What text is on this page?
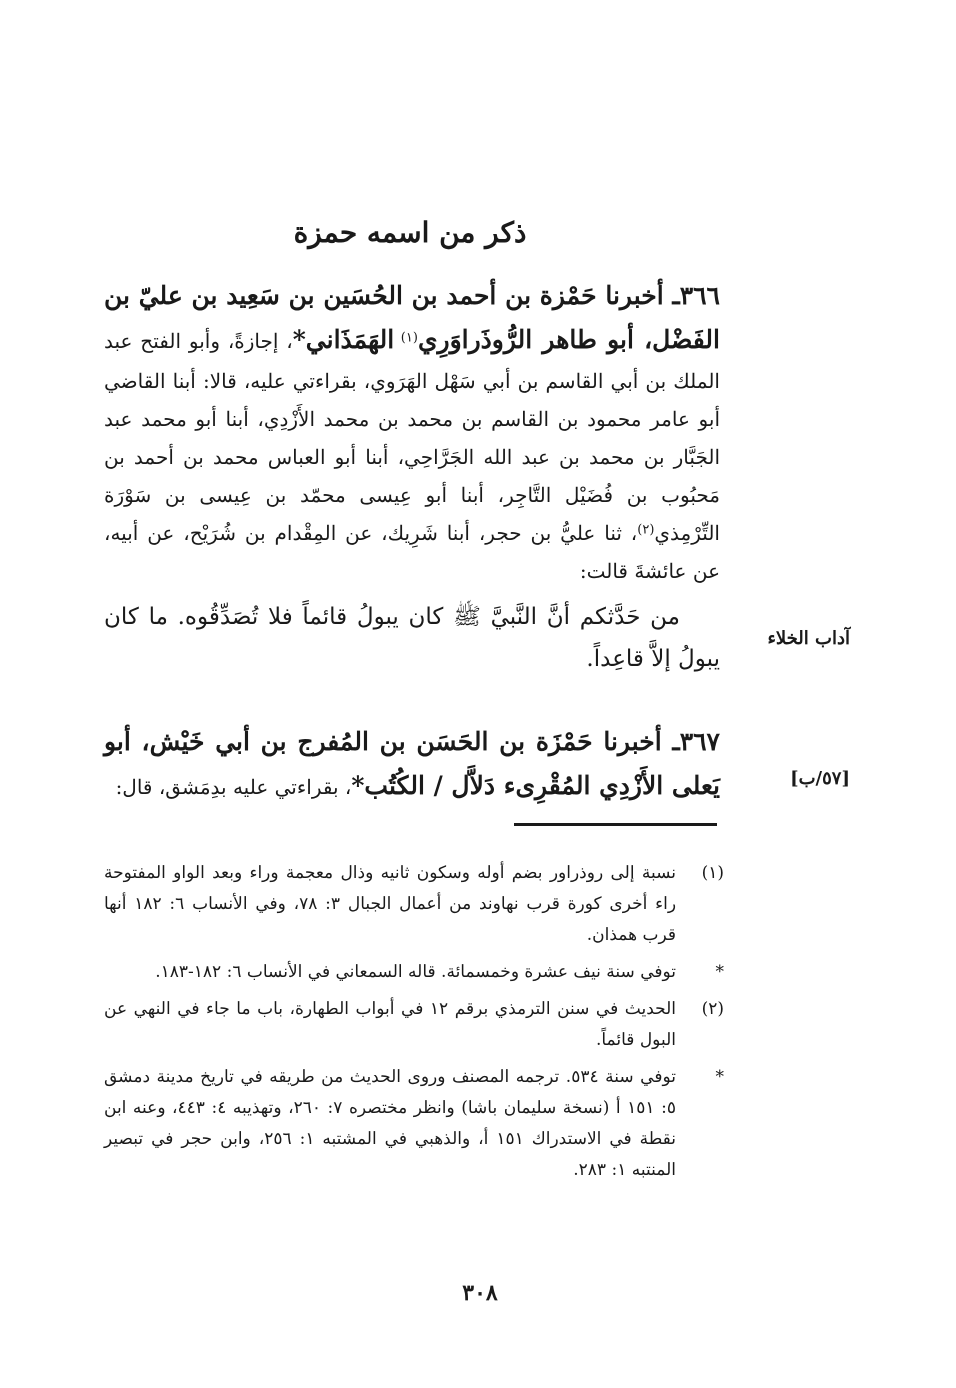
ذكر من اسمه حمزة

٣٦٦ـ أخبرنا حَمْزة بن أحمد بن الحُسَين بن سَعِيد بن عليّ بن الفَضْل، أبو طاهر الرُّوذَراوَرِي$^{(١)}$ الهَمَذَاني*، إجازةً، وأبو الفتح عبد الملك بن أبي القاسم بن أبي سَهْل الهَرَوي، بقراءتي عليه، قالا: أبنا القاضي أبو عامر محمود بن القاسم بن محمد بن محمد الأَزْدِي، أبنا أبو محمد عبد الجَبَّار بن محمد بن عبد الله الجَرَّاحِي، أبنا أبو العباس محمد بن أحمد بن مَحبُوب بن فُضَيْل التَّاجِر، أبنا أبو عِيسى محمّد بن عِيسى بن سَوْرَة التِّرْمِذي$^{(٢)}$، ثنا عليُّ بن حجر، أبنا شَرِيك، عن المِقْدام بن شُرَيْح، عن أبيه، عن عائشةَ قالت:

من حَدَّثكم أنَّ النَّبيَّ ﷺ كان يبولُ قائماً فلا تُصَدِّقُوه. ما كان يبولُ إلاَّ قاعِداً.

آداب الخلاء

٣٦٧ـ أخبرنا حَمْزَة بن الحَسَن بن المُفرج بن أبي خَيْش، أبو يَعلى الأَزْدِي المُقْرِىء دَلاَّل / الكُتُب*، بقراءتي عليه بدِمَشق، قال:	[٥٧/ب]
(١)
نسبة إلى روذراور بضم أوله وسكون ثانيه وذال معجمة وراء وبعد الواو المفتوحة راء أخرى كورة قرب نهاوند من أعمال الجبال ٣: ٧٨، وفي الأنساب ٦: ١٨٢ أنها قرب همذان.
*
توفي سنة نيف عشرة وخمسمائة. قاله السمعاني في الأنساب ٦: ١٨٢-١٨٣.
(٢)
الحديث في سنن الترمذي برقم ١٢ في أبواب الطهارة، باب ما جاء في النهي عن البول قائماً.
*
توفي سنة ٥٣٤. ترجمه المصنف وروى الحديث من طريقه في تاريخ مدينة دمشق ٥: ١٥١ أ (نسخة سليمان باشا) وانظر مختصره ٧: ٢٦٠، وتهذيبه ٤: ٤٤٣، وعنه ابن نقطة في الاستدراك ١٥١ أ، والذهبي في المشتبه ١: ٢٥٦، وابن حجر في تبصير المنتبه ١: ٢٨٣.
٣٠٨
